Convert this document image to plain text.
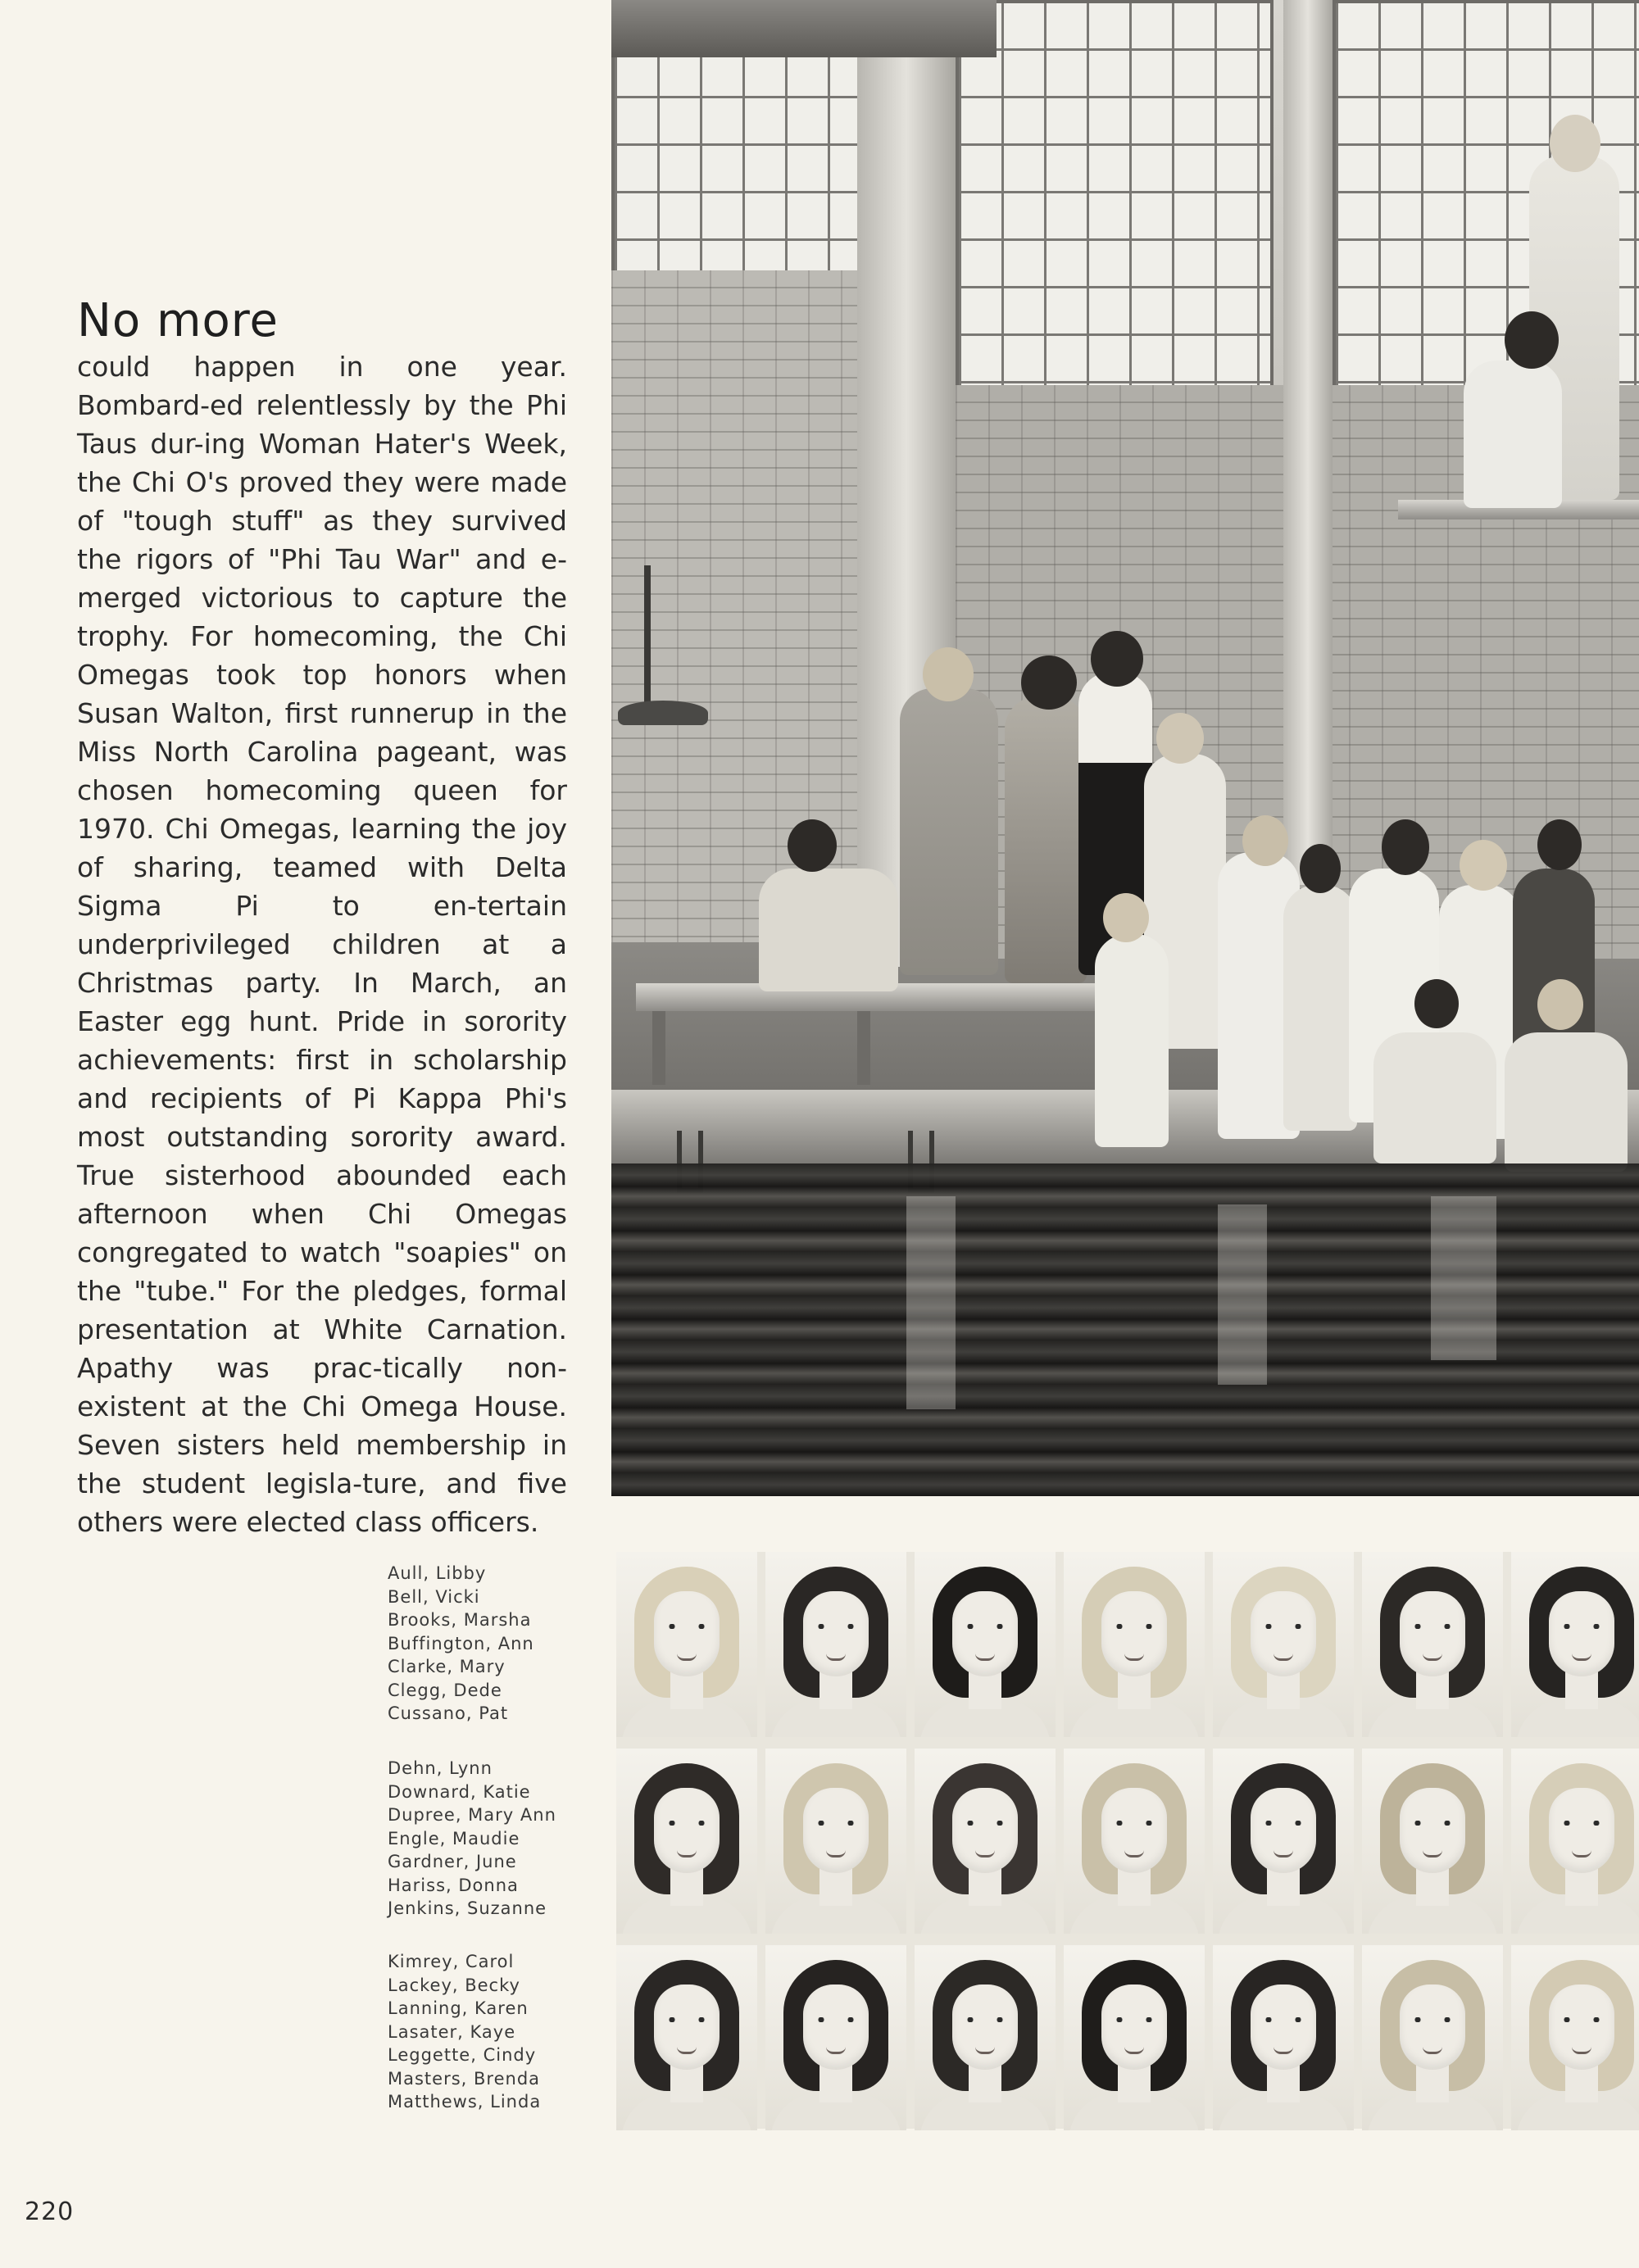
No more

could happen in one year. Bombard-ed relentlessly by the Phi Taus dur-ing Woman Hater's Week, the Chi O's proved they were made of "tough stuff" as they survived the rigors of "Phi Tau War" and e-merged victorious to capture the trophy. For homecoming, the Chi Omegas took top honors when Susan Walton, first runnerup in the Miss North Carolina pageant, was chosen homecoming queen for 1970. Chi Omegas, learning the joy of sharing, teamed with Delta Sigma Pi to en-tertain underprivileged children at a Christmas party. In March, an Easter egg hunt. Pride in sorority achievements: first in scholarship and recipients of Pi Kappa Phi's most outstanding sorority award. True sisterhood abounded each afternoon when Chi Omegas congregated to watch "soapies" on the "tube." For the pledges, formal presentation at White Carnation. Apathy was prac-tically non-existent at the Chi Omega House. Seven sisters held membership in the student legisla-ture, and five others were elected class officers.

Aull, Libby
Bell, Vicki
Brooks, Marsha
Buffington, Ann
Clarke, Mary
Clegg, Dede
Cussano, Pat
Dehn, Lynn
Downard, Katie
Dupree, Mary Ann
Engle, Maudie
Gardner, June
Hariss, Donna
Jenkins, Suzanne
Kimrey, Carol
Lackey, Becky
Lanning, Karen
Lasater, Kaye
Leggette, Cindy
Masters, Brenda
Matthews, Linda
220
